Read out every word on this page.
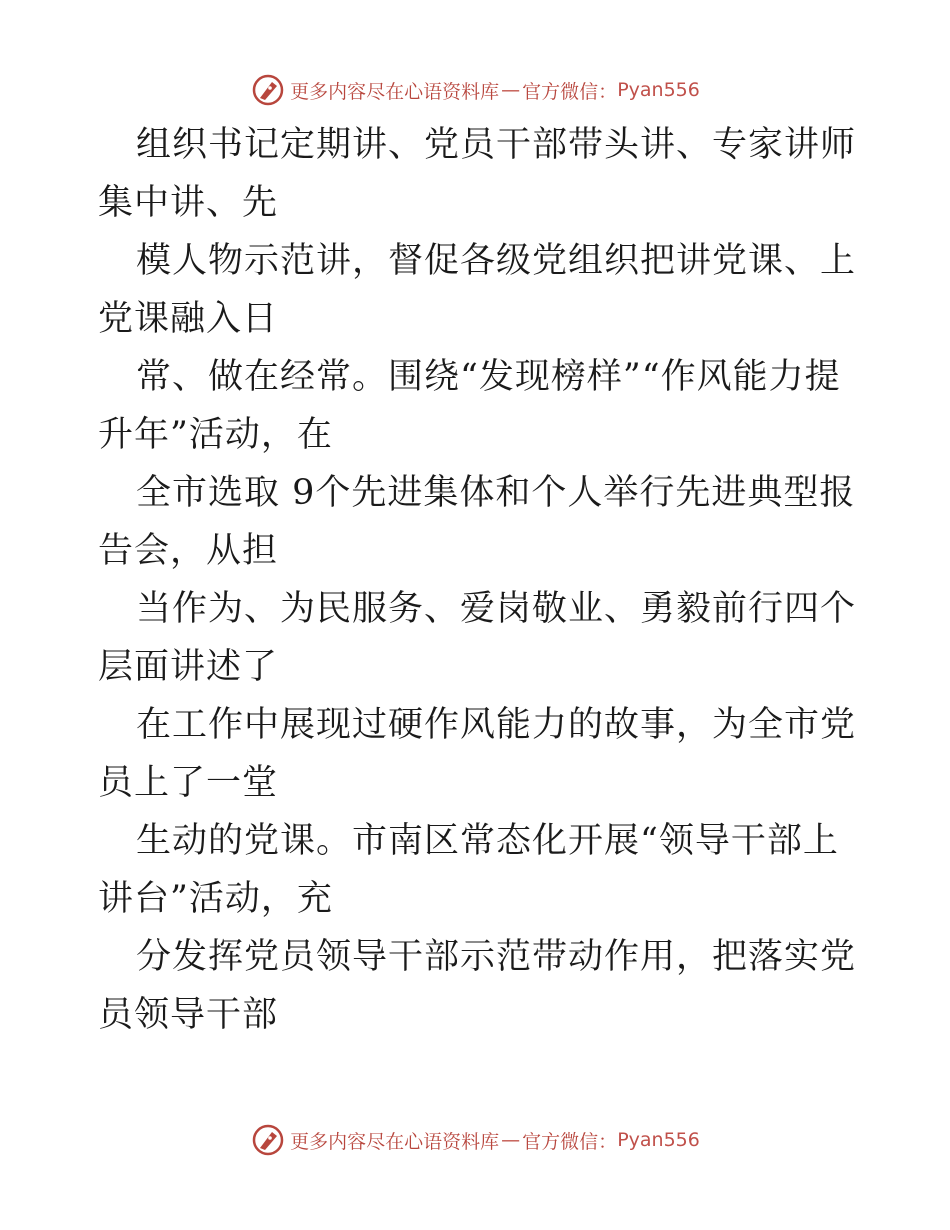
更多内容尽在心语资料库 — 官方微信： Pyan556

组织书记定期讲、党员干部带头讲、专家讲师集中讲、先

模人物示范讲，督促各级党组织把讲党课、上党课融入日

常、做在经常。围绕“发现榜样”“作风能力提升年”活动，在

全市选取 9个先进集体和个人举行先进典型报告会，从担

当作为、为民服务、爱岗敬业、勇毅前行四个层面讲述了

在工作中展现过硬作风能力的故事，为全市党员上了一堂

生动的党课。市南区常态化开展“领导干部上讲台”活动，充

分发挥党员领导干部示范带动作用，把落实党员领导干部

更多内容尽在心语资料库 — 官方微信： Pyan556
